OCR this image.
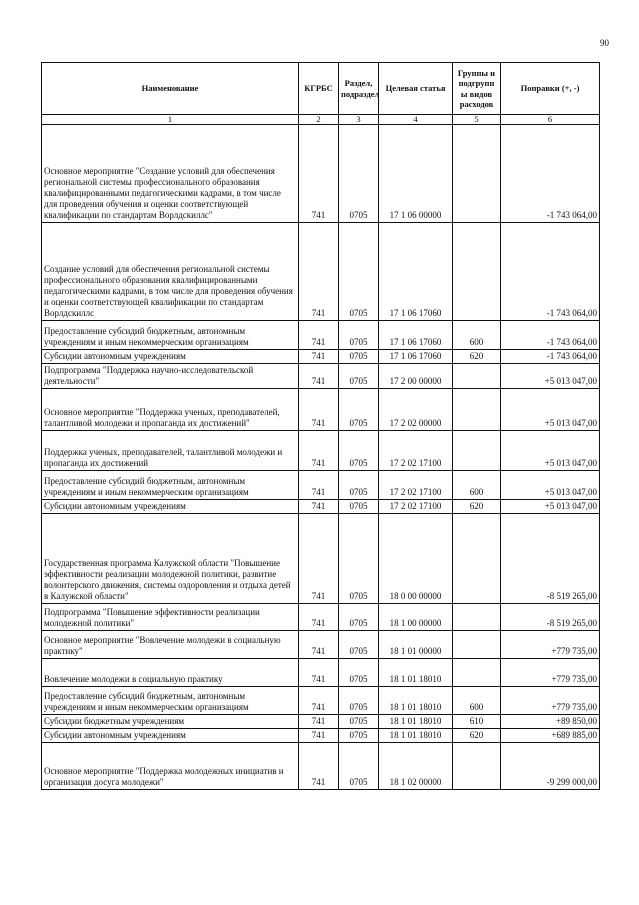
90
Наименование	КГРБС	Раздел, подраздел	Целевая статья	Группы и подгрупп ы видов расходов	Поправки (+, -)
1	2	3	4	5	6
Основное мероприятие "Создание условий для обеспечения региональной системы профессионального образования квалифицированными педагогическими кадрами, в том числе для проведения обучения и оценки соответствующей квалификации по стандартам Ворлдскиллс"	741	0705	17 1 06 00000		-1 743 064,00
Создание условий для обеспечения региональной системы профессионального образования квалифицированными педагогическими кадрами, в том числе для проведения обучения и оценки соответствующей квалификации по стандартам Ворлдскиллс	741	0705	17 1 06 17060		-1 743 064,00
Предоставление субсидий бюджетным, автономным учреждениям и иным некоммерческим организациям	741	0705	17 1 06 17060	600	-1 743 064,00
Субсидии автономным учреждениям	741	0705	17 1 06 17060	620	-1 743 064,00
Подпрограмма "Поддержка научно-исследовательской деятельности"	741	0705	17 2 00 00000		+5 013 047,00
Основное мероприятие "Поддержка ученых, преподавателей, талантливой молодежи и пропаганда их достижений"	741	0705	17 2 02 00000		+5 013 047,00
Поддержка ученых, преподавателей, талантливой молодежи и пропаганда их достижений	741	0705	17 2 02 17100		+5 013 047,00
Предоставление субсидий бюджетным, автономным учреждениям и иным некоммерческим организациям	741	0705	17 2 02 17100	600	+5 013 047,00
Субсидии автономным учреждениям	741	0705	17 2 02 17100	620	+5 013 047,00
Государственная программа Калужской области "Повышение эффективности реализации молодежной политики, развитие волонтерского движения, системы оздоровления и отдыха детей в Калужской области"	741	0705	18 0 00 00000		-8 519 265,00
Подпрограмма "Повышение эффективности реализации молодежной политики"	741	0705	18 1 00 00000		-8 519 265,00
Основное мероприятие "Вовлечение молодежи в социальную практику"	741	0705	18 1 01 00000		+779 735,00
Вовлечение молодежи в социальную практику	741	0705	18 1 01 18010		+779 735,00
Предоставление субсидий бюджетным, автономным учреждениям и иным некоммерческим организациям	741	0705	18 1 01 18010	600	+779 735,00
Субсидии бюджетным учреждениям	741	0705	18 1 01 18010	610	+89 850,00
Субсидии автономным учреждениям	741	0705	18 1 01 18010	620	+689 885,00
Основное мероприятие "Поддержка молодежных инициатив и организация досуга молодежи"	741	0705	18 1 02 00000		-9 299 000,00
